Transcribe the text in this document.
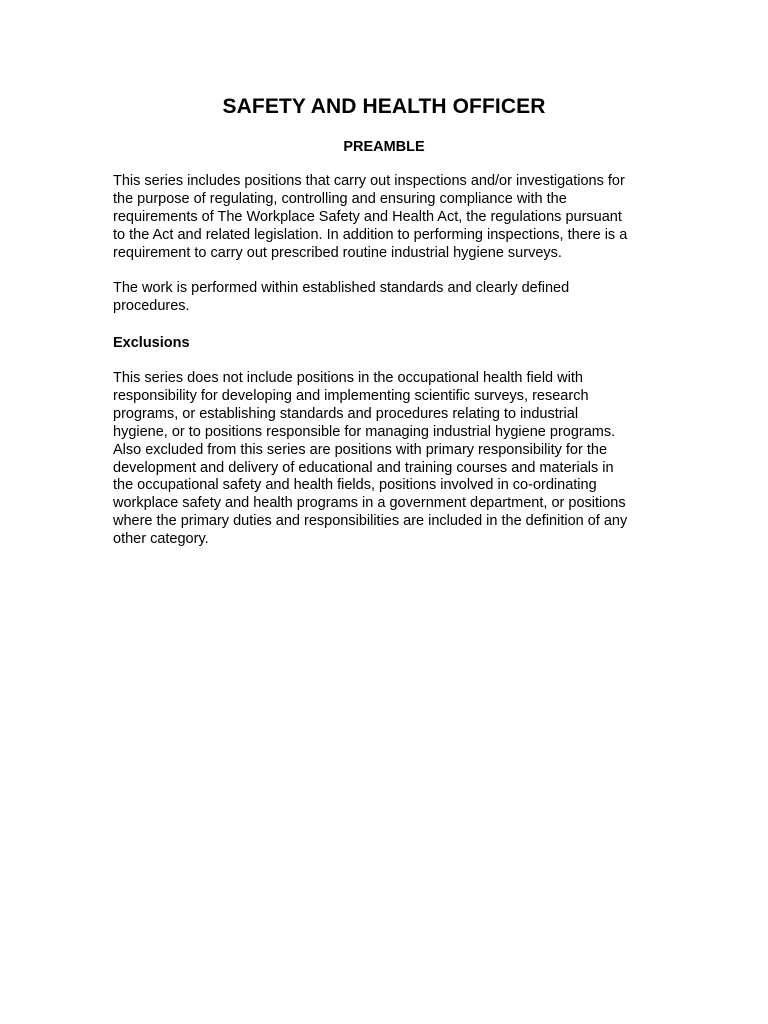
SAFETY AND HEALTH OFFICER
PREAMBLE

This series includes positions that carry out inspections and/or investigations for
the purpose of regulating, controlling and ensuring compliance with the
requirements of The Workplace Safety and Health Act, the regulations pursuant
to the Act and related legislation. In addition to performing inspections, there is a
requirement to carry out prescribed routine industrial hygiene surveys.

The work is performed within established standards and clearly defined
procedures.

Exclusions

This series does not include positions in the occupational health field with
responsibility for developing and implementing scientific surveys, research
programs, or establishing standards and procedures relating to industrial
hygiene, or to positions responsible for managing industrial hygiene programs.
Also excluded from this series are positions with primary responsibility for the
development and delivery of educational and training courses and materials in
the occupational safety and health fields, positions involved in co-ordinating
workplace safety and health programs in a government department, or positions
where the primary duties and responsibilities are included in the definition of any
other category.
